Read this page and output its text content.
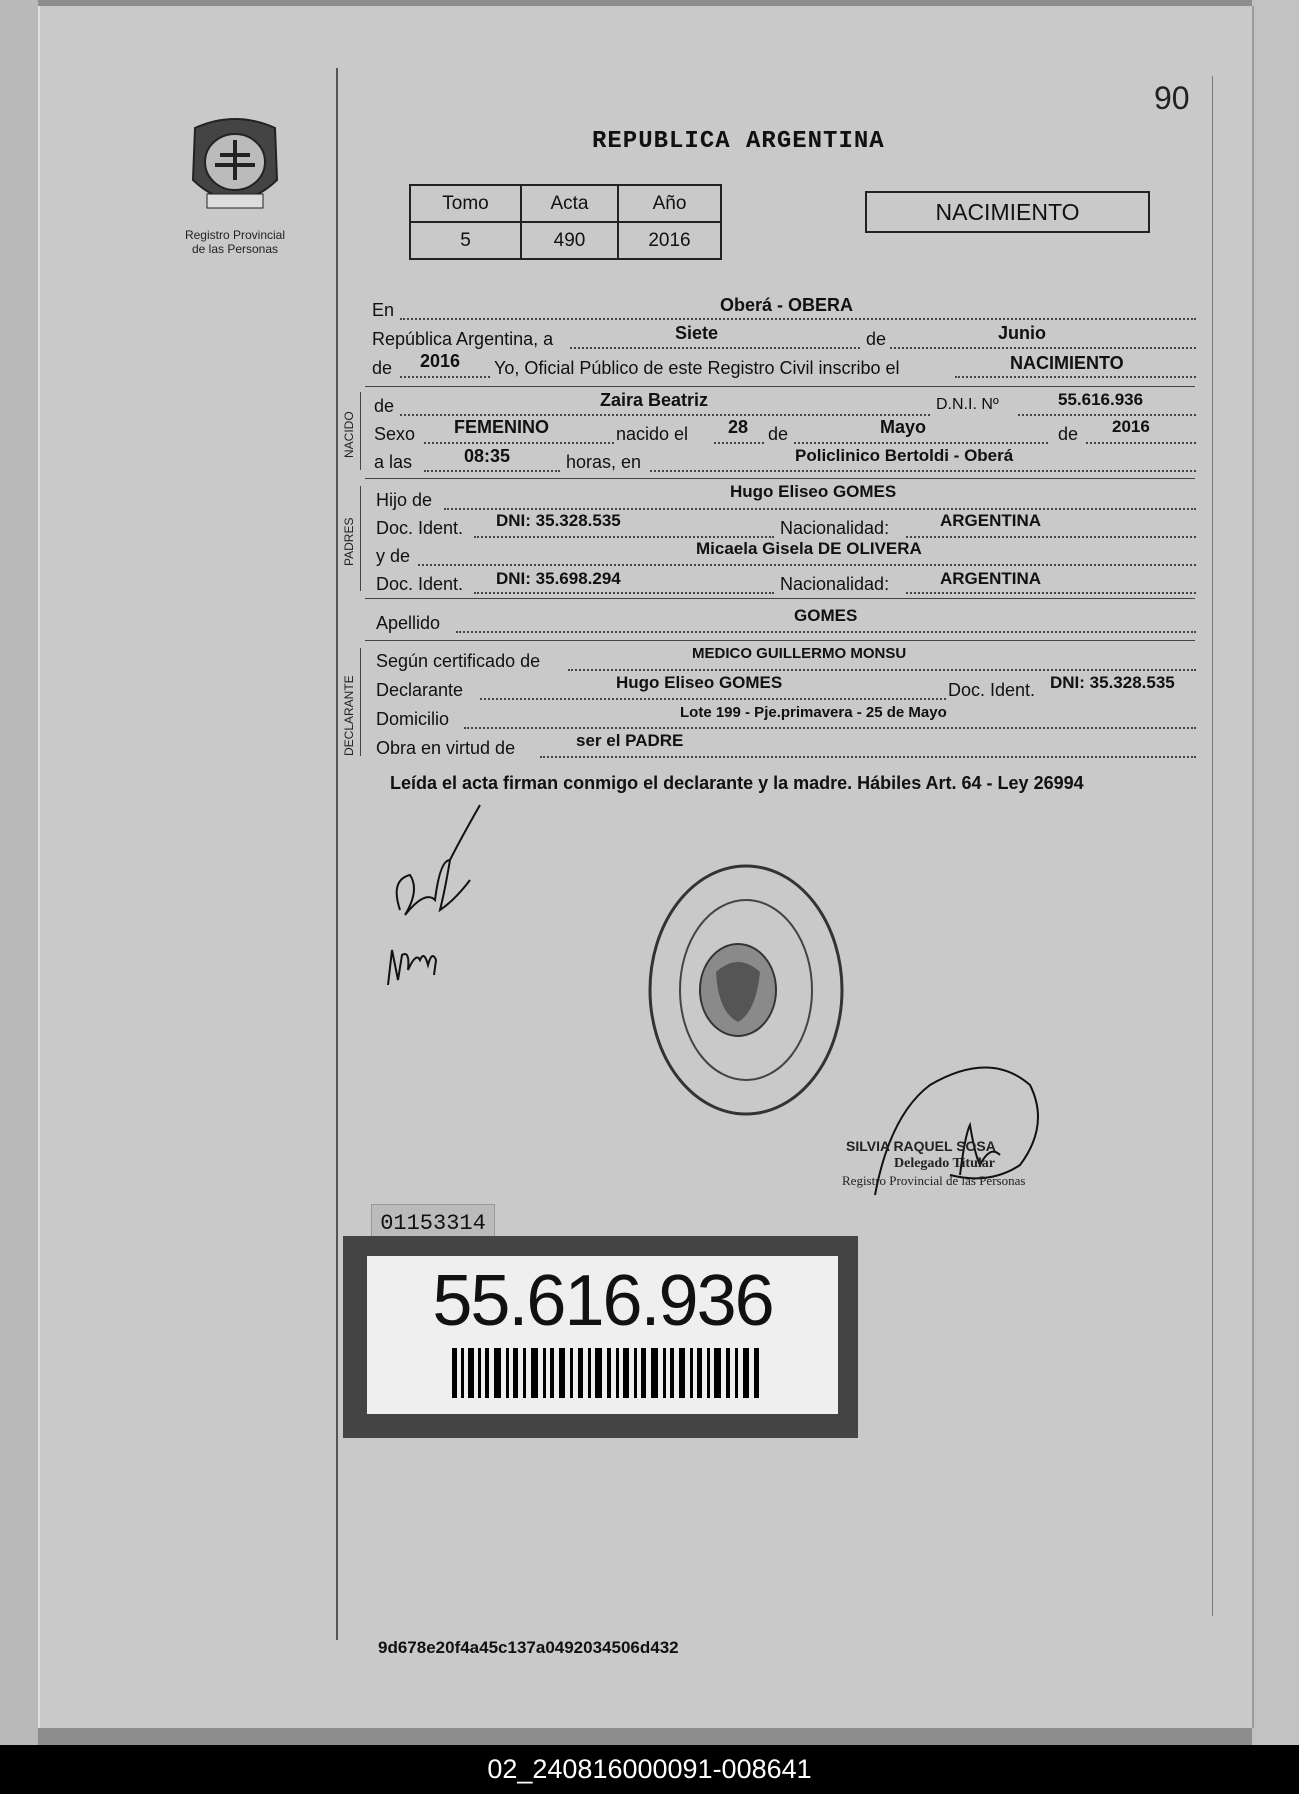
90
REPUBLICA ARGENTINA
Registro Provincial
de las Personas
Tomo	Acta	Año
5	490	2016
NACIMIENTO
En	Oberá - OBERA
República Argentina, a	Siete	de	Junio
de 2016 Yo, Oficial Público de este Registro Civil inscribo el	NACIMIENTO
NACIDO
de	Zaira Beatriz	D.N.I. Nº	55.616.936
Sexo FEMENINO	nacido el 28 de	Mayo	de 2016
a las	08:35	horas, en	Policlinico Bertoldi - Oberá
PADRES
Hijo de	Hugo Eliseo GOMES
Doc. Ident. DNI: 35.328.535	Nacionalidad:	ARGENTINA
y de	Micaela Gisela DE OLIVERA
Doc. Ident. DNI: 35.698.294	Nacionalidad:	ARGENTINA
Apellido	GOMES
DECLARANTE
Según certificado de	MEDICO GUILLERMO MONSU
Declarante	Hugo Eliseo GOMES	Doc. Ident. DNI: 35.328.535
Domicilio	Lote 199 - Pje.primavera - 25 de Mayo
Obra en virtud de	ser el PADRE
Leída el acta firman conmigo el declarante y la madre. Hábiles Art. 64 - Ley 26994
SILVIA RAQUEL SOSA
Delegado Titular
Registro Provincial de las Personas
01153314
55.616.936
9d678e20f4a45c137a0492034506d432
02_240816000091-008641
